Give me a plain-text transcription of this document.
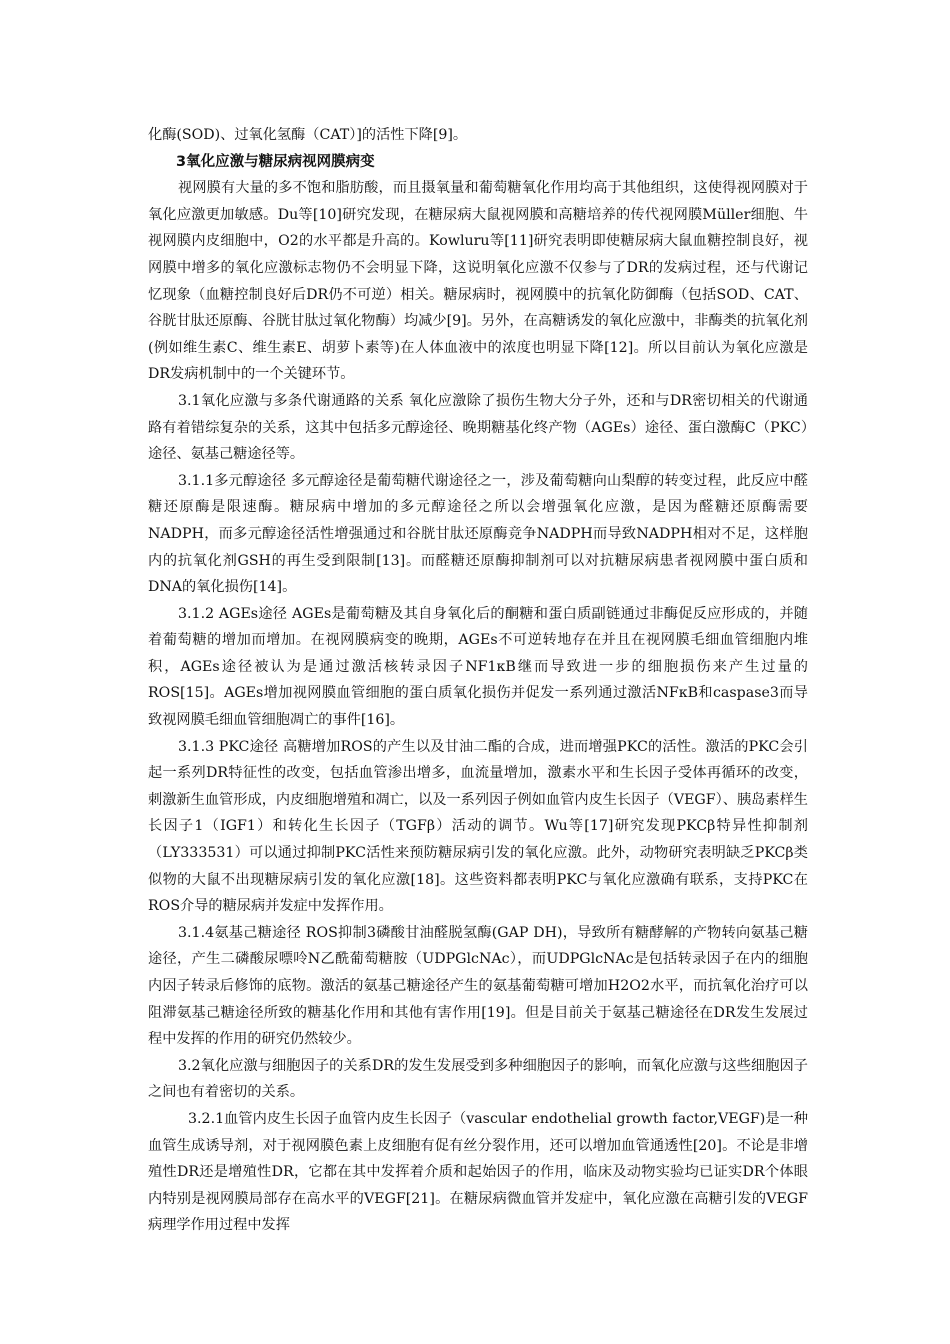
化酶(SOD)、过氧化氢酶（CAT）]的活性下降[9]。

3氧化应激与糖尿病视网膜病变

视网膜有大量的多不饱和脂肪酸，而且摄氧量和葡萄糖氧化作用均高于其他组织，这使得视网膜对于氧化应激更加敏感。Du等[10]研究发现，在糖尿病大鼠视网膜和高糖培养的传代视网膜Müller细胞、牛视网膜内皮细胞中，O2的水平都是升高的。Kowluru等[11]研究表明即使糖尿病大鼠血糖控制良好，视网膜中增多的氧化应激标志物仍不会明显下降，这说明氧化应激不仅参与了DR的发病过程，还与代谢记忆现象（血糖控制良好后DR仍不可逆）相关。糖尿病时，视网膜中的抗氧化防御酶（包括SOD、CAT、谷胱甘肽还原酶、谷胱甘肽过氧化物酶）均减少[9]。另外，在高糖诱发的氧化应激中，非酶类的抗氧化剂(例如维生素C、维生素E、胡萝卜素等)在人体血液中的浓度也明显下降[12]。所以目前认为氧化应激是DR发病机制中的一个关键环节。

3.1氧化应激与多条代谢通路的关系 氧化应激除了损伤生物大分子外，还和与DR密切相关的代谢通路有着错综复杂的关系，这其中包括多元醇途径、晚期糖基化终产物（AGEs）途径、蛋白激酶C（PKC）途径、氨基己糖途径等。

3.1.1多元醇途径 多元醇途径是葡萄糖代谢途径之一，涉及葡萄糖向山梨醇的转变过程，此反应中醛糖还原酶是限速酶。糖尿病中增加的多元醇途径之所以会增强氧化应激，是因为醛糖还原酶需要NADPH，而多元醇途径活性增强通过和谷胱甘肽还原酶竞争NADPH而导致NADPH相对不足，这样胞内的抗氧化剂GSH的再生受到限制[13]。而醛糖还原酶抑制剂可以对抗糖尿病患者视网膜中蛋白质和DNA的氧化损伤[14]。

3.1.2 AGEs途径 AGEs是葡萄糖及其自身氧化后的酮糖和蛋白质副链通过非酶促反应形成的，并随着葡萄糖的增加而增加。在视网膜病变的晚期，AGEs不可逆转地存在并且在视网膜毛细血管细胞内堆积，AGEs途径被认为是通过激活核转录因子NF1κB继而导致进一步的细胞损伤来产生过量的ROS[15]。AGEs增加视网膜血管细胞的蛋白质氧化损伤并促发一系列通过激活NFκB和caspase3而导致视网膜毛细血管细胞凋亡的事件[16]。

3.1.3 PKC途径 高糖增加ROS的产生以及甘油二酯的合成，进而增强PKC的活性。激活的PKC会引起一系列DR特征性的改变，包括血管渗出增多，血流量增加，激素水平和生长因子受体再循环的改变，刺激新生血管形成，内皮细胞增殖和凋亡，以及一系列因子例如血管内皮生长因子（VEGF）、胰岛素样生长因子1（IGF1）和转化生长因子（TGFβ）活动的调节。Wu等[17]研究发现PKCβ特异性抑制剂（LY333531）可以通过抑制PKC活性来预防糖尿病引发的氧化应激。此外，动物研究表明缺乏PKCβ类似物的大鼠不出现糖尿病引发的氧化应激[18]。这些资料都表明PKC与氧化应激确有联系，支持PKC在ROS介导的糖尿病并发症中发挥作用。

3.1.4氨基己糖途径 ROS抑制3磷酸甘油醛脱氢酶(GAP DH)，导致所有糖酵解的产物转向氨基己糖途径，产生二磷酸尿嘌呤N乙酰葡萄糖胺（UDPGlcNAc），而UDPGlcNAc是包括转录因子在内的细胞内因子转录后修饰的底物。激活的氨基己糖途径产生的氨基葡萄糖可增加H2O2水平，而抗氧化治疗可以阻滞氨基己糖途径所致的糖基化作用和其他有害作用[19]。但是目前关于氨基己糖途径在DR发生发展过程中发挥的作用的研究仍然较少。

3.2氧化应激与细胞因子的关系DR的发生发展受到多种细胞因子的影响，而氧化应激与这些细胞因子之间也有着密切的关系。

3.2.1血管内皮生长因子血管内皮生长因子（vascular endothelial growth factor,VEGF)是一种血管生成诱导剂，对于视网膜色素上皮细胞有促有丝分裂作用，还可以增加血管通透性[20]。不论是非增殖性DR还是增殖性DR，它都在其中发挥着介质和起始因子的作用，临床及动物实验均已证实DR个体眼内特别是视网膜局部存在高水平的VEGF[21]。在糖尿病微血管并发症中，氧化应激在高糖引发的VEGF病理学作用过程中发挥
